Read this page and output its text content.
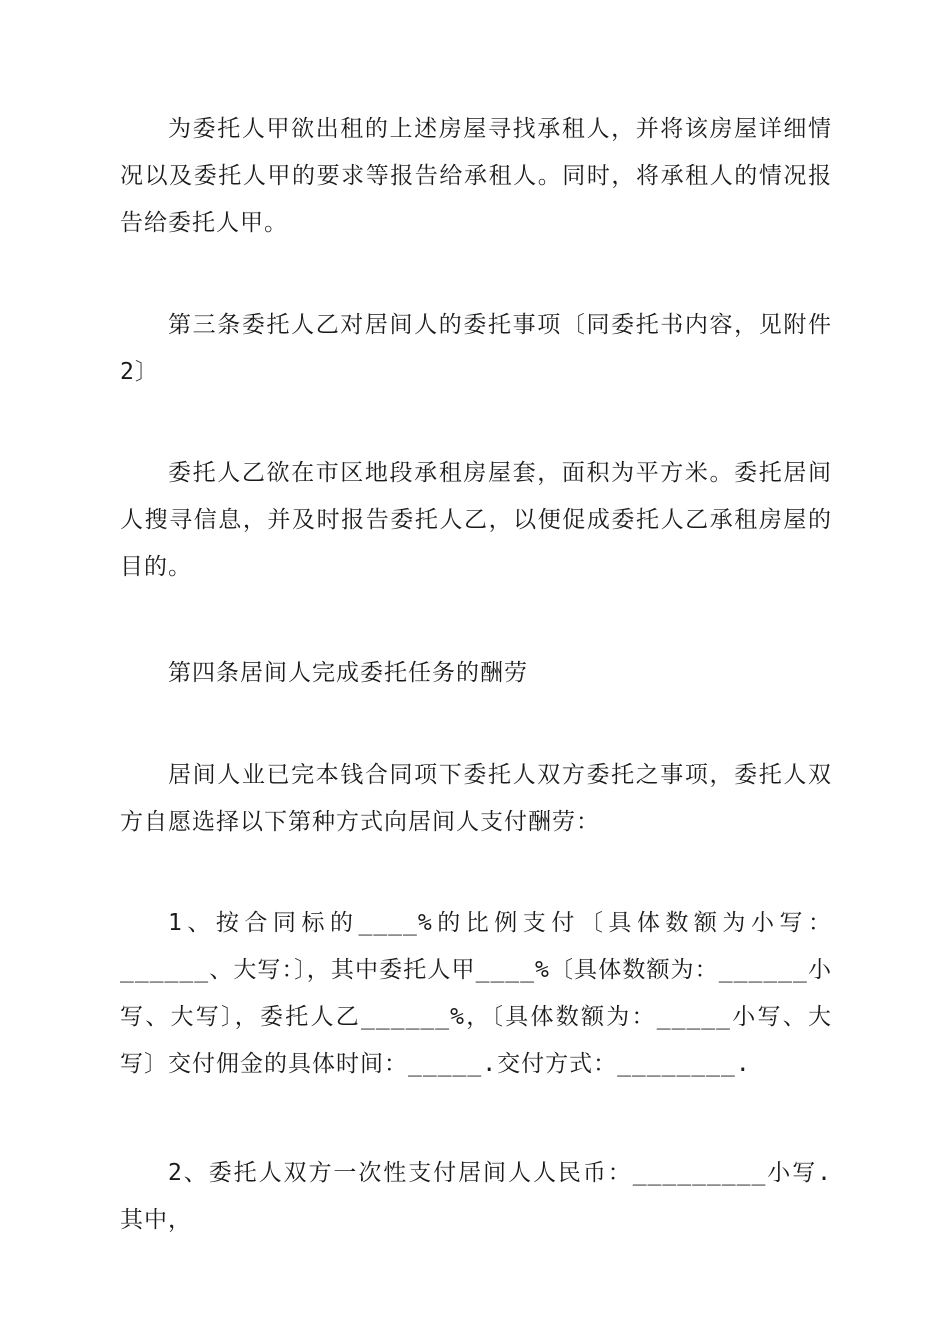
为委托人甲欲出租的上述房屋寻找承租人，并将该房屋详细情况以及委托人甲的要求等报告给承租人。同时，将承租人的情况报告给委托人甲。

第三条委托人乙对居间人的委托事项〔同委托书内容，见附件2〕

委托人乙欲在市区地段承租房屋套，面积为平方米。委托居间人搜寻信息，并及时报告委托人乙，以便促成委托人乙承租房屋的目的。

第四条居间人完成委托任务的酬劳

居间人业已完本钱合同项下委托人双方委托之事项，委托人双方自愿选择以下第种方式向居间人支付酬劳：

1、按合同标的____%的比例支付〔具体数额为小写：______、大写：〕，其中委托人甲____%〔具体数额为：______小写、大写〕，委托人乙______%，〔具体数额为：_____小写、大写〕交付佣金的具体时间：_____.交付方式：________.

2、委托人双方一次性支付居间人人民币：_________小写.其中，
